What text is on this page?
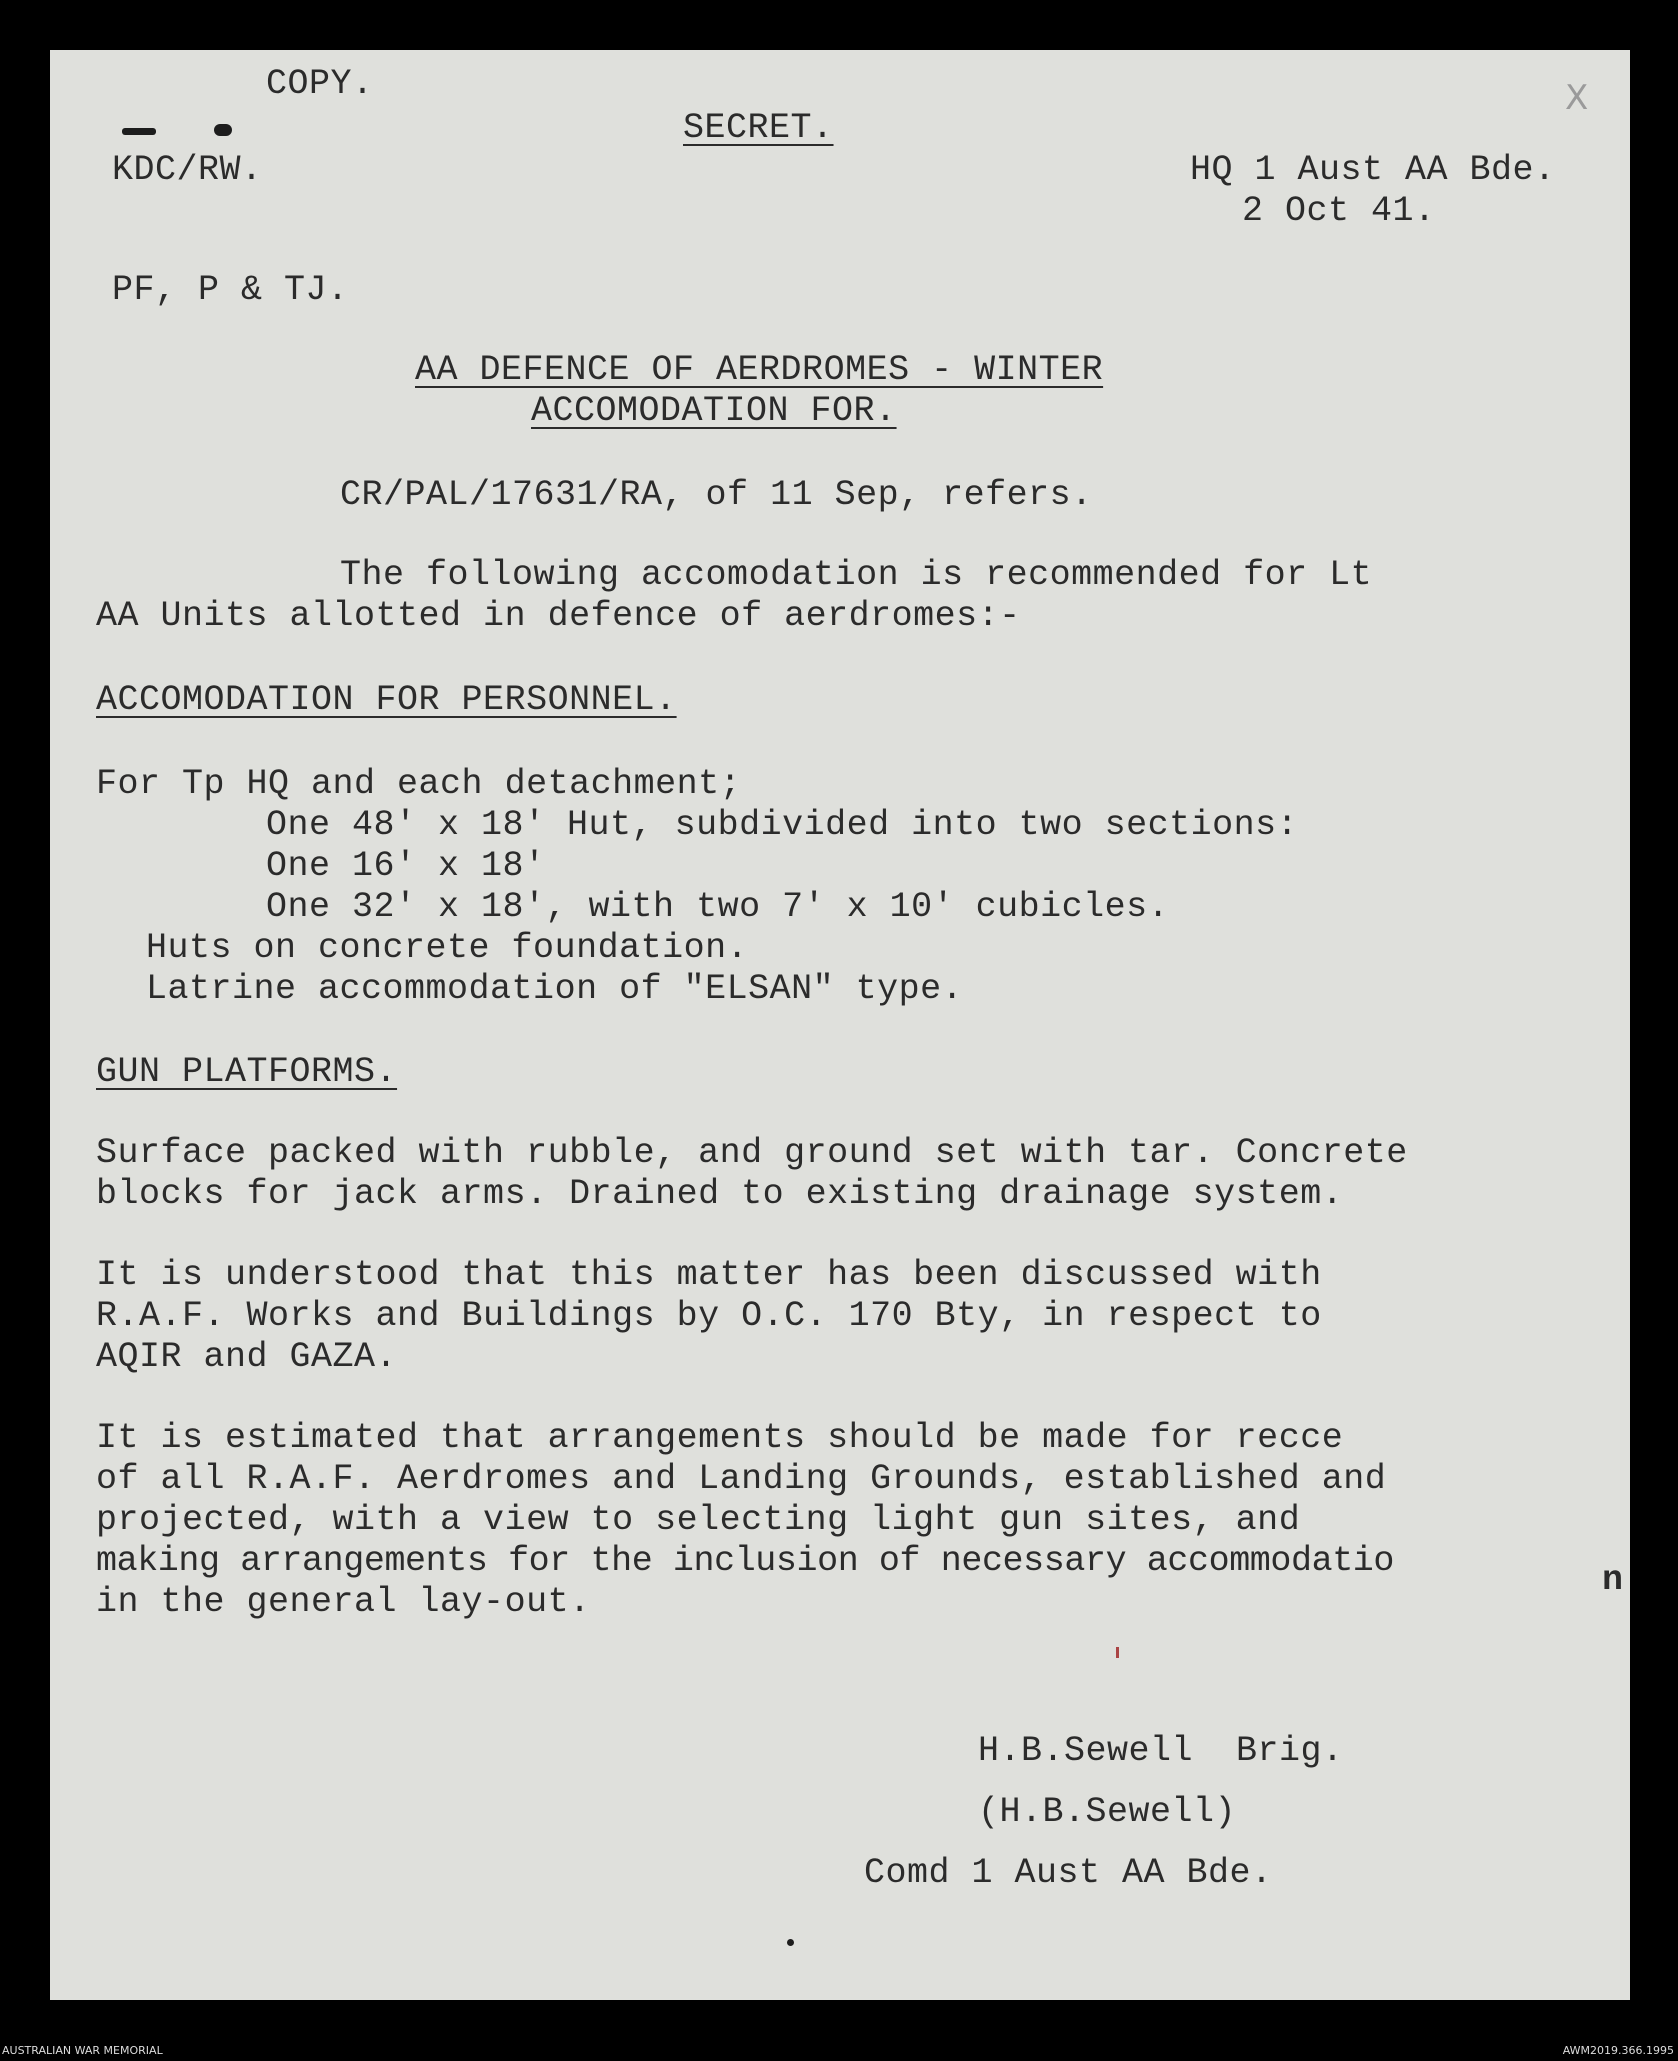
COPY.
SECRET.
X
KDC/RW.	HQ 1 Aust AA Bde.
2 Oct 41.
PF, P & TJ.
AA DEFENCE OF AERDROMES - WINTER
ACCOMODATION FOR.
CR/PAL/17631/RA, of 11 Sep, refers.
The following accomodation is recommended for Lt
AA Units allotted in defence of aerdromes:-
ACCOMODATION FOR PERSONNEL.
For Tp HQ and each detachment;
One 48' x 18' Hut, subdivided into two sections:
One 16' x 18'
One 32' x 18', with two 7' x 10' cubicles.
Huts on concrete foundation.
Latrine accommodation of "ELSAN" type.
GUN PLATFORMS.
Surface packed with rubble, and ground set with tar. Concrete
blocks for jack arms. Drained to existing drainage system.
It is understood that this matter has been discussed with
R.A.F. Works and Buildings by O.C. 170 Bty, in respect to
AQIR and GAZA.
It is estimated that arrangements should be made for recce
of all R.A.F. Aerdromes and Landing Grounds, established and
projected, with a view to selecting light gun sites, and
making arrangements for the inclusion of necessary accommodatio
in the general lay-out.
n
H.B.Sewell  Brig.
(H.B.Sewell)
Comd 1 Aust AA Bde.
AUSTRALIAN WAR MEMORIAL	AWM2019.366.1995
